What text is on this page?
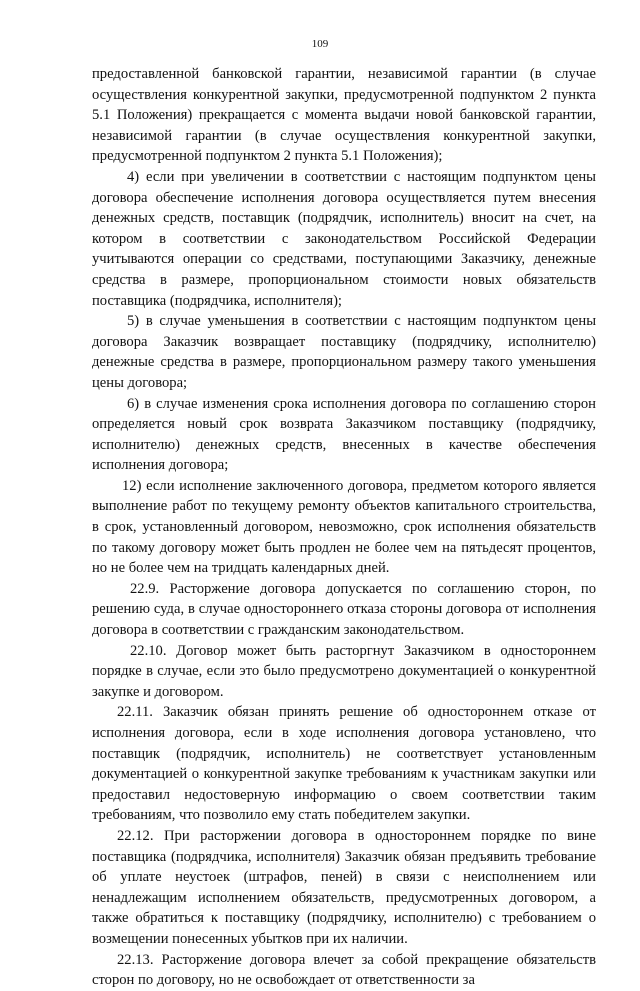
109

предоставленной банковской гарантии, независимой гарантии (в случае осуществления конкурентной закупки, предусмотренной подпунктом 2 пункта 5.1 Положения) прекращается с момента выдачи новой банковской гарантии, независимой гарантии (в случае осуществления конкурентной закупки, предусмотренной подпунктом 2 пункта 5.1 Положения);

4) если при увеличении в соответствии с настоящим подпунктом цены договора обеспечение исполнения договора осуществляется путем внесения денежных средств, поставщик (подрядчик, исполнитель) вносит на счет, на котором в соответствии с законодательством Российской Федерации учитываются операции со средствами, поступающими Заказчику, денежные средства в размере, пропорциональном стоимости новых обязательств поставщика (подрядчика, исполнителя);

5) в случае уменьшения в соответствии с настоящим подпунктом цены договора Заказчик возвращает поставщику (подрядчику, исполнителю) денежные средства в размере, пропорциональном размеру такого уменьшения цены договора;

6) в случае изменения срока исполнения договора по соглашению сторон определяется новый срок возврата Заказчиком поставщику (подрядчику, исполнителю) денежных средств, внесенных в качестве обеспечения исполнения договора;

12) если исполнение заключенного договора, предметом которого является выполнение работ по текущему ремонту объектов капитального строительства, в срок, установленный договором, невозможно, срок исполнения обязательств по такому договору может быть продлен не более чем на пятьдесят процентов, но не более чем на тридцать календарных дней.

22.9. Расторжение договора допускается по соглашению сторон, по решению суда, в случае одностороннего отказа стороны договора от исполнения договора в соответствии с гражданским законодательством.

22.10. Договор может быть расторгнут Заказчиком в одностороннем порядке в случае, если это было предусмотрено документацией о конкурентной закупке и договором.

22.11. Заказчик обязан принять решение об одностороннем отказе от исполнения договора, если в ходе исполнения договора установлено, что поставщик (подрядчик, исполнитель) не соответствует установленным документацией о конкурентной закупке требованиям к участникам закупки или предоставил недостоверную информацию о своем соответствии таким требованиям, что позволило ему стать победителем закупки.

22.12. При расторжении договора в одностороннем порядке по вине поставщика (подрядчика, исполнителя) Заказчик обязан предъявить требование об уплате неустоек (штрафов, пеней) в связи с неисполнением или ненадлежащим исполнением обязательств, предусмотренных договором, а также обратиться к поставщику (подрядчику, исполнителю) с требованием о возмещении понесенных убытков при их наличии.

22.13. Расторжение договора влечет за собой прекращение обязательств сторон по договору, но не освобождает от ответственности за
